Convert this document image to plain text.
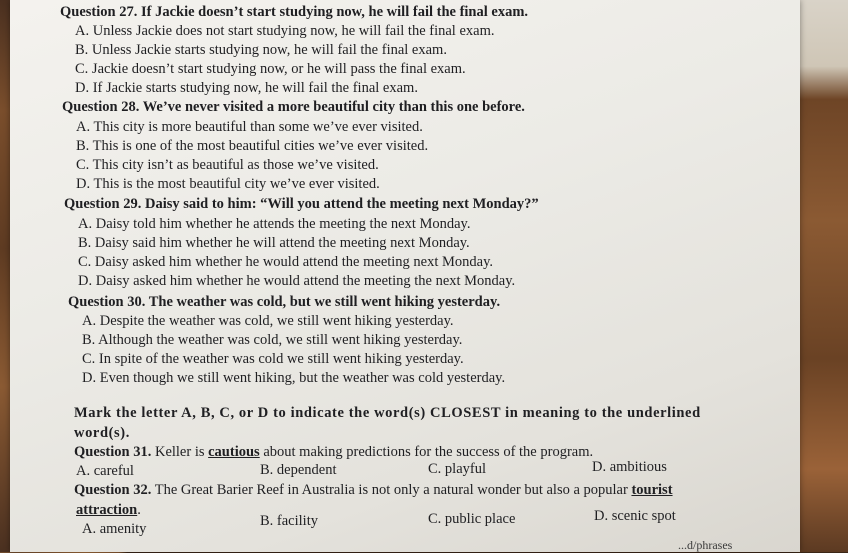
Question 27. If Jackie doesn’t start studying now, he will fail the final exam.
A. Unless Jackie does not start studying now, he will fail the final exam.
B. Unless Jackie starts studying now, he will fail the final exam.
C. Jackie doesn’t start studying now, or he will pass the final exam.
D. If Jackie starts studying now, he will fail the final exam.
Question 28. We’ve never visited a more beautiful city than this one before.
A. This city is more beautiful than some we’ve ever visited.
B. This is one of the most beautiful cities we’ve ever visited.
C. This city isn’t as beautiful as those we’ve visited.
D. This is the most beautiful city we’ve ever visited.
Question 29. Daisy said to him: “Will you attend the meeting next Monday?”
A. Daisy told him whether he attends the meeting the next Monday.
B. Daisy said him whether he will attend the meeting next Monday.
C. Daisy asked him whether he would attend the meeting next Monday.
D. Daisy asked him whether he would attend the meeting the next Monday.
Question 30. The weather was cold, but we still went hiking yesterday.
A. Despite the weather was cold, we still went hiking yesterday.
B. Although the weather was cold, we still went hiking yesterday.
C. In spite of the weather was cold we still went hiking yesterday.
D. Even though we still went hiking, but the weather was cold yesterday.
Mark the letter A, B, C, or D to indicate the word(s) CLOSEST in meaning to the underlined
word(s).
Question 31. Keller is cautious about making predictions for the success of the program.
A. careful	B. dependent	C. playful	D. ambitious
Question 32. The Great Barier Reef in Australia is not only a natural wonder but also a popular tourist
attraction.
A. amenity	B. facility	C. public place	D. scenic spot
...d/phrases
